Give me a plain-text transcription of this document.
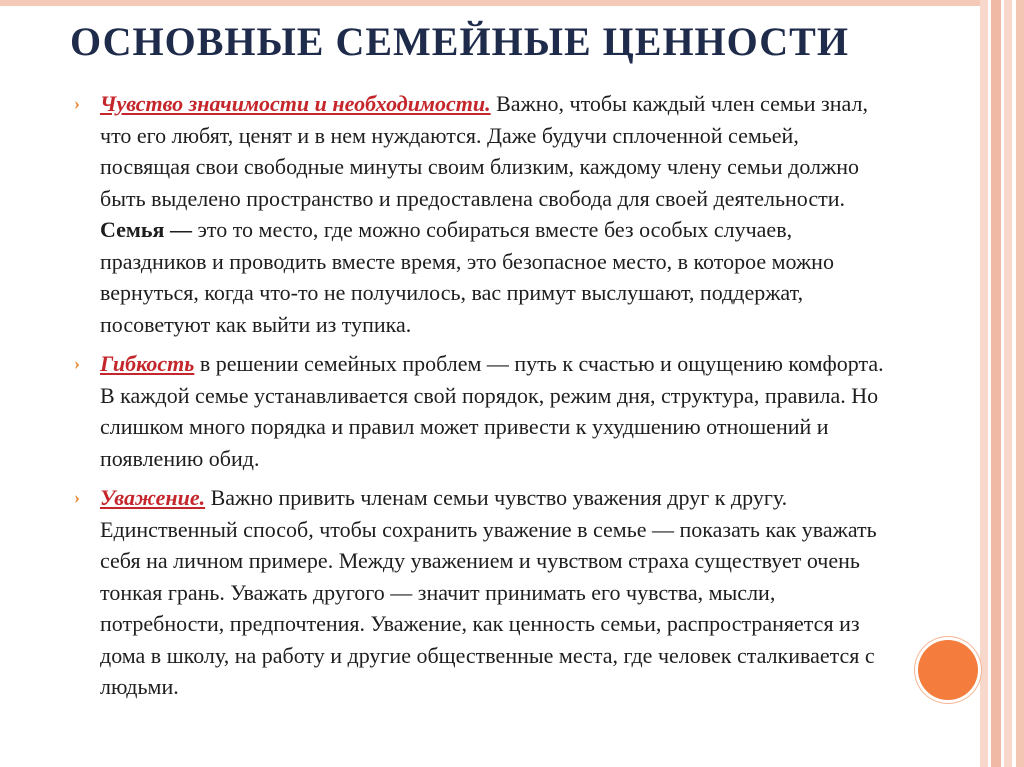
ОСНОВНЫЕ СЕМЕЙНЫЕ ЦЕННОСТИ
› Чувство значимости и необходимости. Важно, чтобы каждый член семьи знал, что его любят, ценят и в нем нуждаются. Даже будучи сплоченной семьей, посвящая свои свободные минуты своим близким, каждому члену семьи должно быть выделено пространство и предоставлена свобода для своей деятельности. Семья — это то место, где можно собираться вместе без особых случаев, праздников и проводить вместе время, это безопасное место, в которое можно вернуться, когда что-то не получилось, вас примут выслушают, поддержат, посоветуют как выйти из тупика.
› Гибкость в решении семейных проблем — путь к счастью и ощущению комфорта. В каждой семье устанавливается свой порядок, режим дня, структура, правила. Но слишком много порядка и правил может привести к ухудшению отношений и появлению обид.
› Уважение. Важно привить членам семьи чувство уважения друг к другу. Единственный способ, чтобы сохранить уважение в семье — показать как уважать себя на личном примере. Между уважением и чувством страха существует очень тонкая грань. Уважать другого — значит принимать его чувства, мысли, потребности, предпочтения. Уважение, как ценность семьи, распространяется из дома в школу, на работу и другие общественные места, где человек сталкивается с людьми.
